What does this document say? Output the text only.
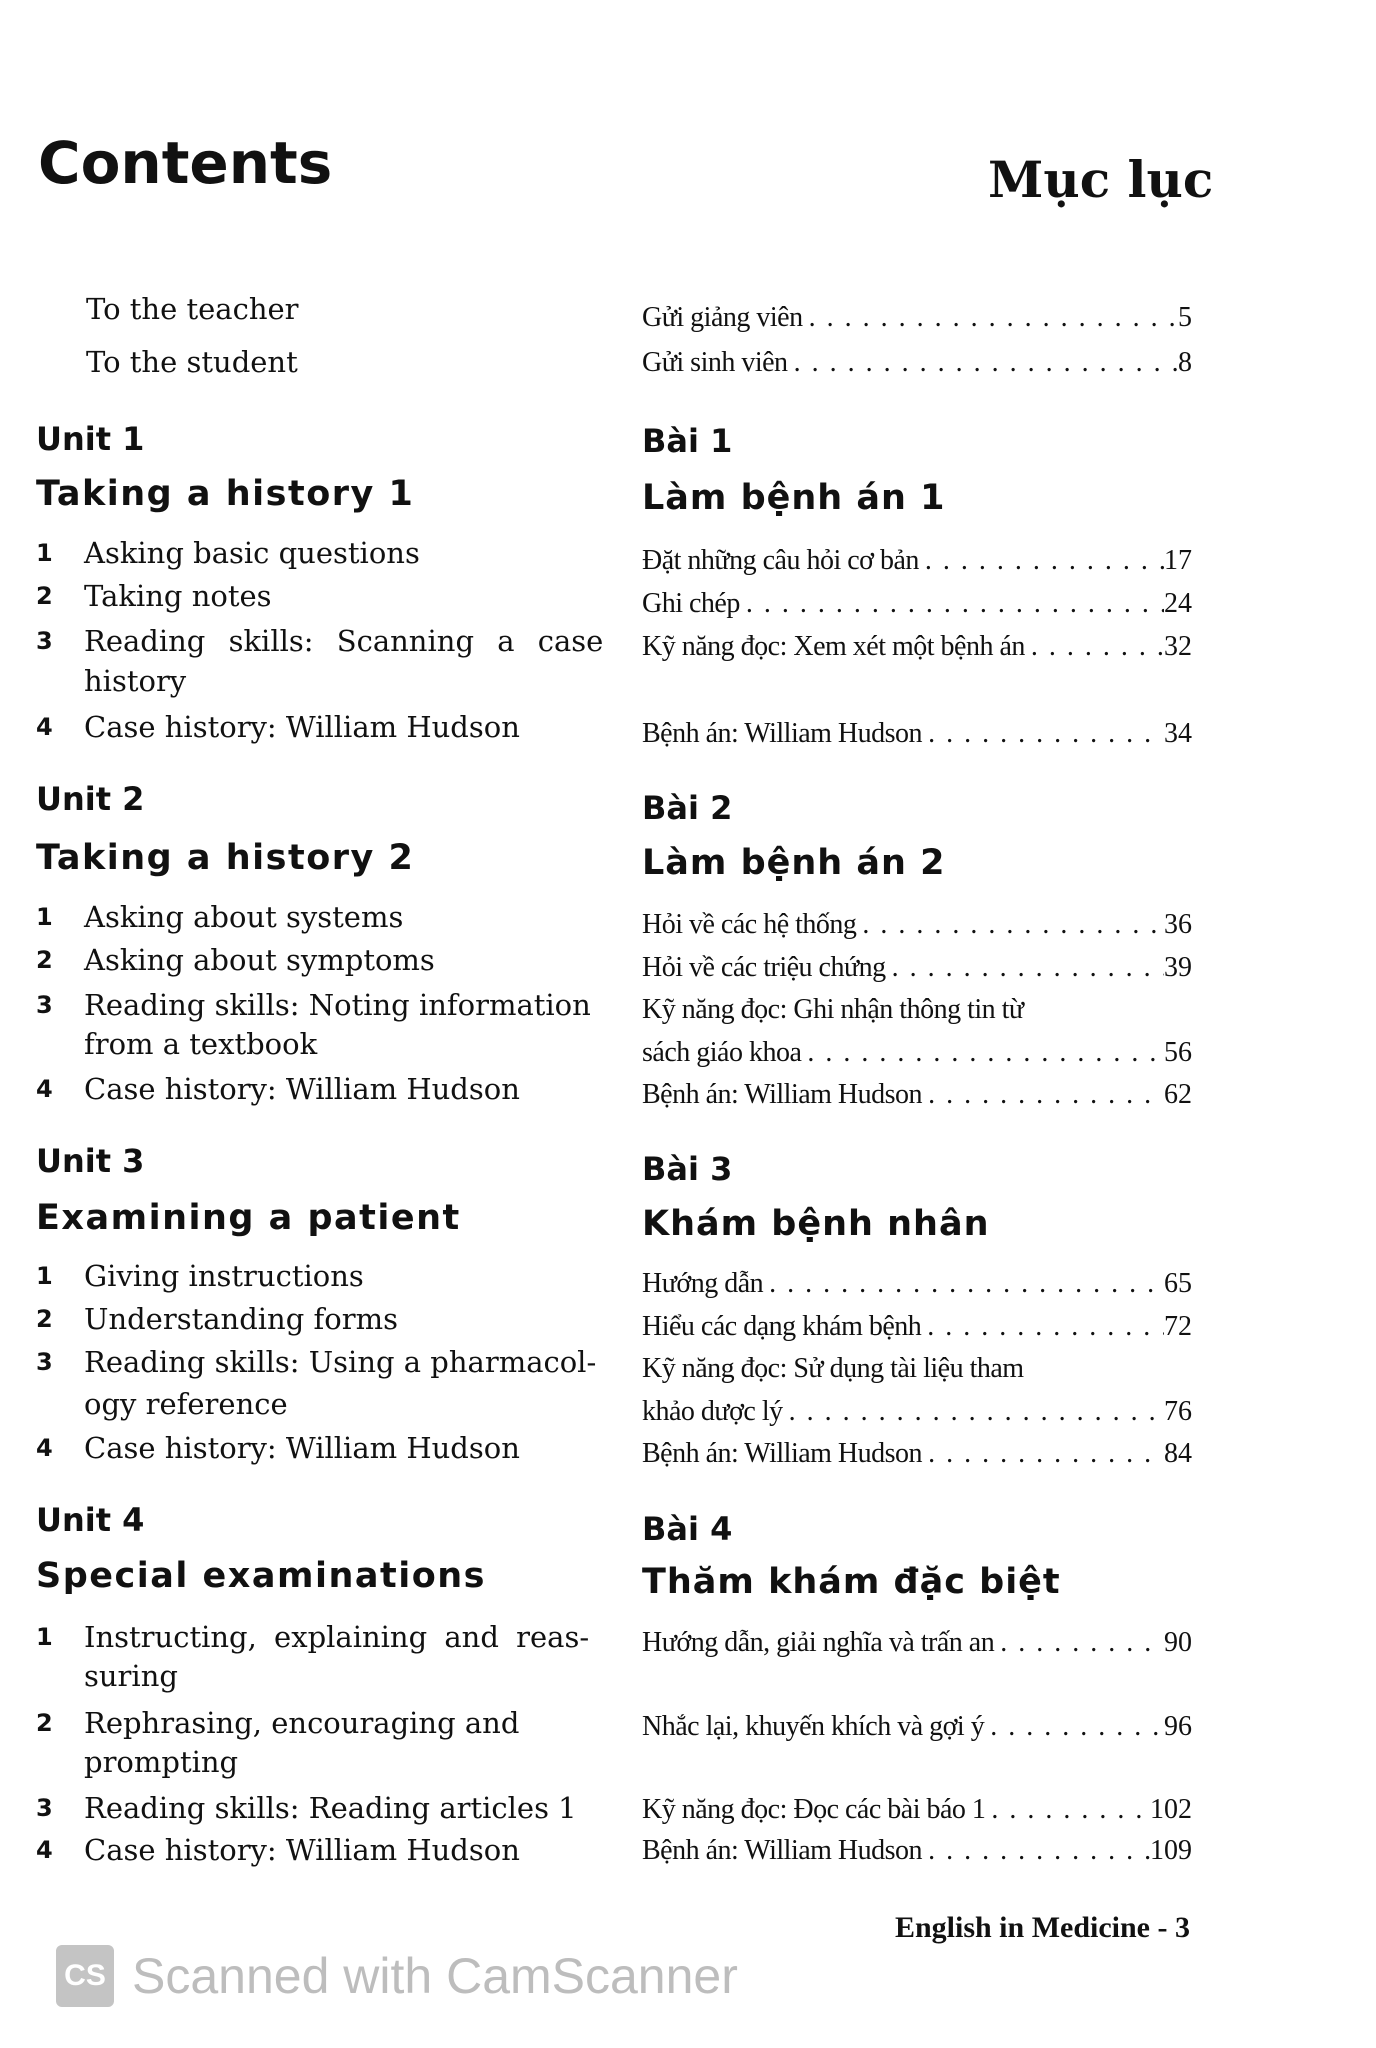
Contents	Mục lục
To the teacher
To the student
Gửi giảng viên . . .	5
Gửi sinh viên . . .	8
Unit 1	Bài 1
Taking a history 1	Làm bệnh án 1
1 Asking basic questions
2 Taking notes
3 Reading skills: Scanning a case
history
4 Case history: William Hudson
Đặt những câu hỏi cơ bản . . .	17
Ghi chép . . .	24
Kỹ năng đọc: Xem xét một bệnh án . . .	32
Bệnh án: William Hudson . . .	34
Unit 2	Bài 2
Taking a history 2	Làm bệnh án 2
1 Asking about systems
2 Asking about symptoms
3 Reading skills: Noting information
from a textbook
4 Case history: William Hudson
Hỏi về các hệ thống . . .	36
Hỏi về các triệu chứng . . .	39
Kỹ năng đọc: Ghi nhận thông tin từ
sách giáo khoa . . .	56
Bệnh án: William Hudson . . .	62
Unit 3	Bài 3
Examining a patient	Khám bệnh nhân
1 Giving instructions
2 Understanding forms
3 Reading skills: Using a pharmacol-
ogy reference
4 Case history: William Hudson
Hướng dẫn . . .	65
Hiểu các dạng khám bệnh . . .	72
Kỹ năng đọc: Sử dụng tài liệu tham
khảo dược lý . . .	76
Bệnh án: William Hudson . . .	84
Unit 4	Bài 4
Special examinations	Thăm khám đặc biệt
1 Instructing, explaining and reas-
suring
2 Rephrasing, encouraging and
prompting
3 Reading skills: Reading articles 1
4 Case history: William Hudson
Hướng dẫn, giải nghĩa và trấn an . . .	90
Nhắc lại, khuyến khích và gợi ý . . .	96
Kỹ năng đọc: Đọc các bài báo 1 . . .	102
Bệnh án: William Hudson . . .	109
English in Medicine - 3
CS Scanned with CamScanner
